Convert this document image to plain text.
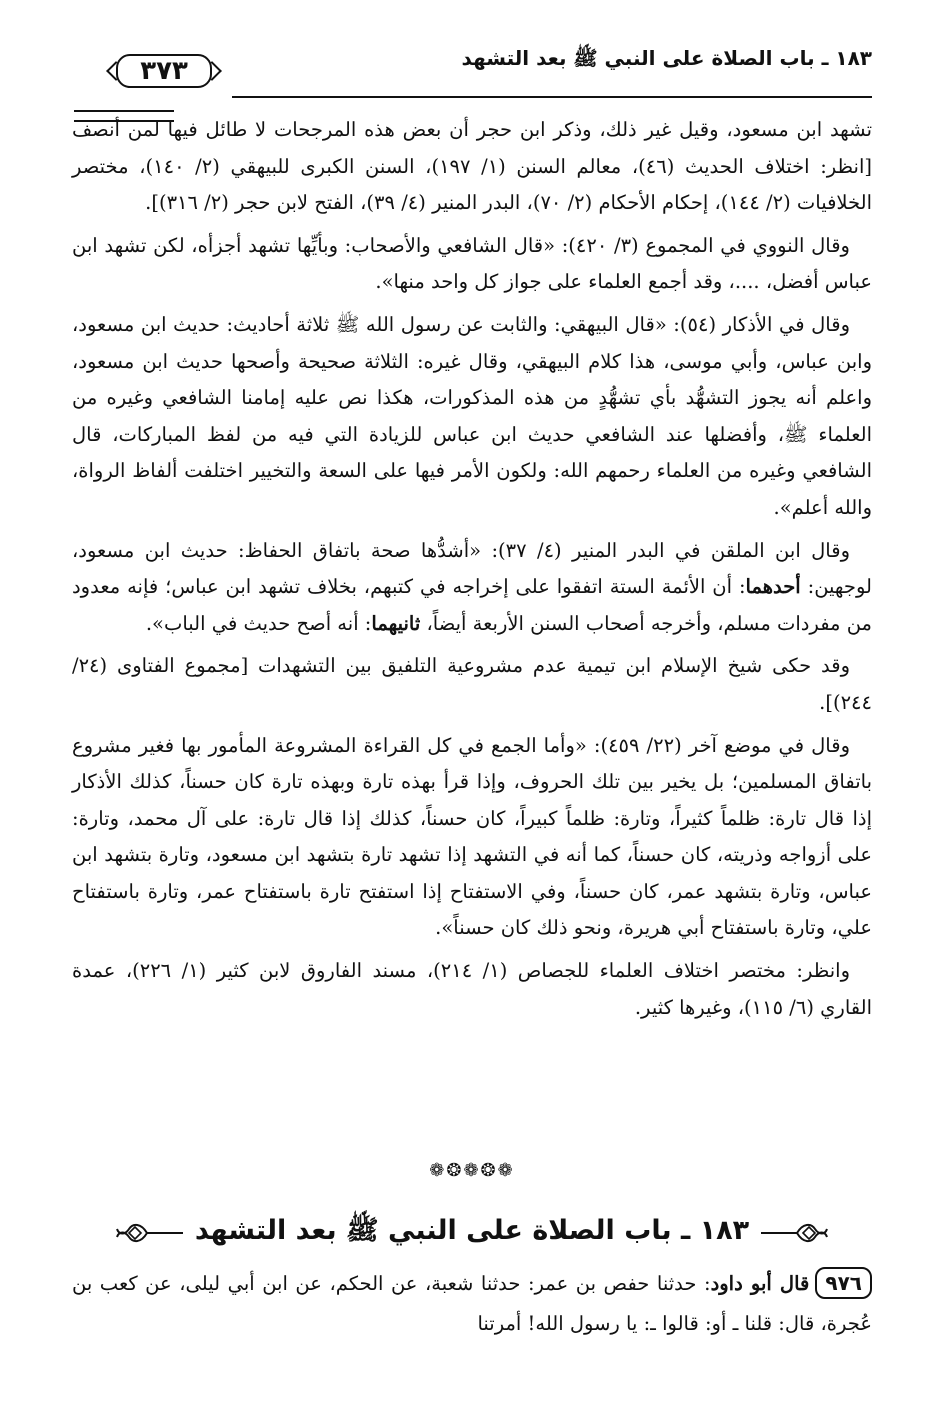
١٨٣ ـ باب الصلاة على النبي ﷺ بعد التشهد
٣٧٣

تشهد ابن مسعود، وقيل غير ذلك، وذكر ابن حجر أن بعض هذه المرجحات لا طائل فيها لمن أنصف [انظر: اختلاف الحديث (٤٦)، معالم السنن (١/ ١٩٧)، السنن الكبرى للبيهقي (٢/ ١٤٠)، مختصر الخلافيات (٢/ ١٤٤)، إحكام الأحكام (٢/ ٧٠)، البدر المنير (٤/ ٣٩)، الفتح لابن حجر (٢/ ٣١٦)].

وقال النووي في المجموع (٣/ ٤٢٠): «قال الشافعي والأصحاب: وبأيِّها تشهد أجزأه، لكن تشهد ابن عباس أفضل، ....، وقد أجمع العلماء على جواز كل واحد منها».

وقال في الأذكار (٥٤): «قال البيهقي: والثابت عن رسول الله ﷺ ثلاثة أحاديث: حديث ابن مسعود، وابن عباس، وأبي موسى، هذا كلام البيهقي، وقال غيره: الثلاثة صحيحة وأصحها حديث ابن مسعود، واعلم أنه يجوز التشهُّد بأي تشهُّدٍ من هذه المذكورات، هكذا نص عليه إمامنا الشافعي وغيره من العلماء ﷺ، وأفضلها عند الشافعي حديث ابن عباس للزيادة التي فيه من لفظ المباركات، قال الشافعي وغيره من العلماء رحمهم الله: ولكون الأمر فيها على السعة والتخيير اختلفت ألفاظ الرواة، والله أعلم».

وقال ابن الملقن في البدر المنير (٤/ ٣٧): «أشدُّها صحة باتفاق الحفاظ: حديث ابن مسعود، لوجهين: أحدهما: أن الأئمة الستة اتفقوا على إخراجه في كتبهم، بخلاف تشهد ابن عباس؛ فإنه معدود من مفردات مسلم، وأخرجه أصحاب السنن الأربعة أيضاً، ثانيهما: أنه أصح حديث في الباب».

وقد حكى شيخ الإسلام ابن تيمية عدم مشروعية التلفيق بين التشهدات [مجموع الفتاوى (٢٤/ ٢٤٤)].

وقال في موضع آخر (٢٢/ ٤٥٩): «وأما الجمع في كل القراءة المشروعة المأمور بها فغير مشروع باتفاق المسلمين؛ بل يخير بين تلك الحروف، وإذا قرأ بهذه تارة وبهذه تارة كان حسناً، كذلك الأذكار إذا قال تارة: ظلماً كثيراً، وتارة: ظلماً كبيراً، كان حسناً، كذلك إذا قال تارة: على آل محمد، وتارة: على أزواجه وذريته، كان حسناً، كما أنه في التشهد إذا تشهد تارة بتشهد ابن مسعود، وتارة بتشهد ابن عباس، وتارة بتشهد عمر، كان حسناً، وفي الاستفتاح إذا استفتح تارة باستفتاح عمر، وتارة باستفتاح علي، وتارة باستفتاح أبي هريرة، ونحو ذلك كان حسناً».

وانظر: مختصر اختلاف العلماء للجصاص (١/ ٢١٤)، مسند الفاروق لابن كثير (١/ ٢٢٦)، عمدة القاري (٦/ ١١٥)، وغيرها كثير.

❁❂❁❂❁
١٨٣ ـ باب الصلاة على النبي ﷺ بعد التشهد
٩٧٦قال أبو داود: حدثنا حفص بن عمر: حدثنا شعبة، عن الحكم، عن ابن أبي ليلى، عن كعب بن عُجرة، قال: قلنا ـ أو: قالوا ـ: يا رسول الله! أمرتنا
